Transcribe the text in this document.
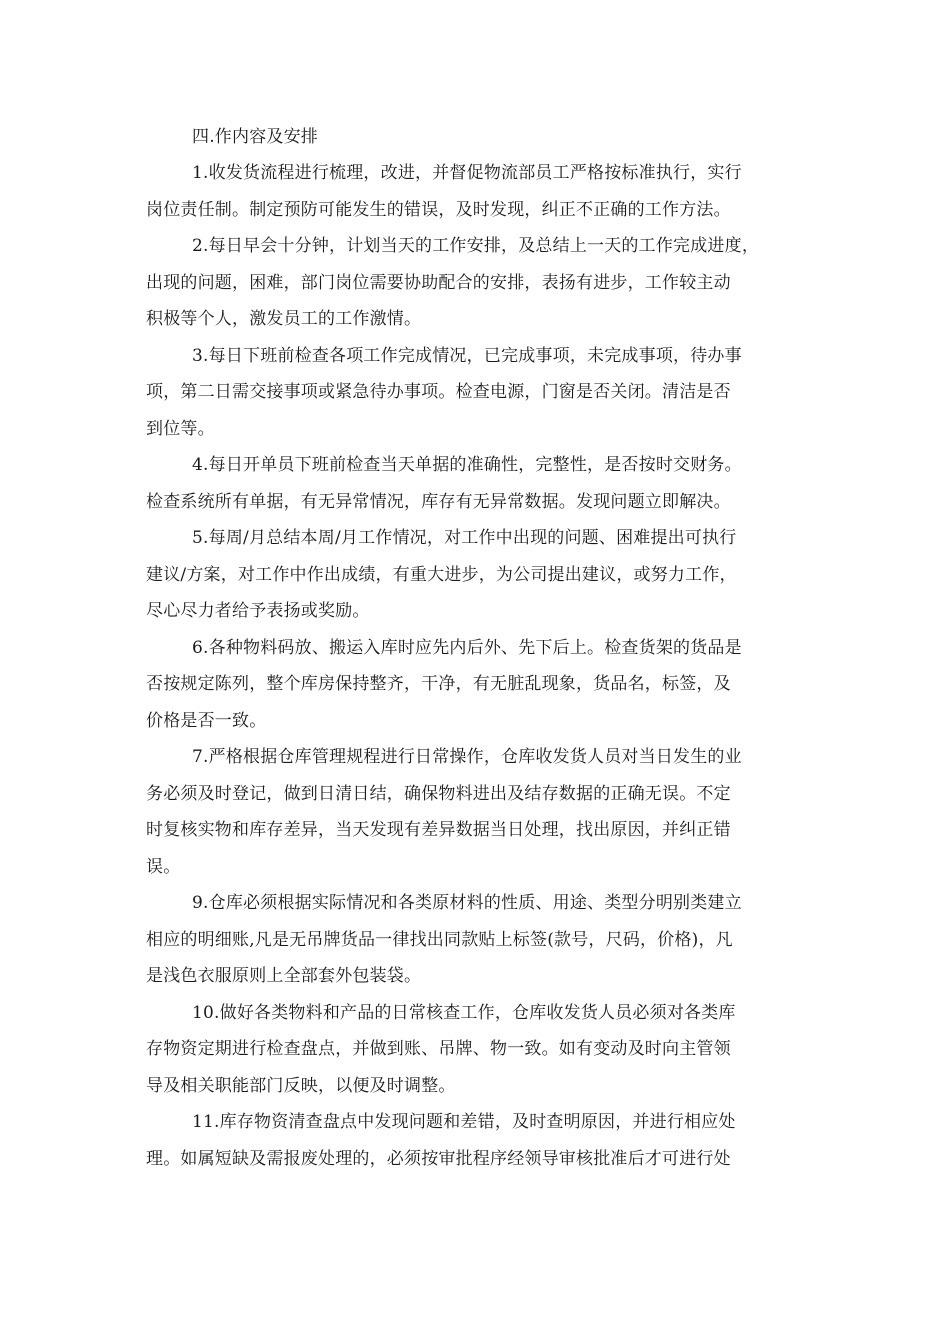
四.作内容及安排
1.收发货流程进行梳理，改进，并督促物流部员工严格按标准执行，实行
岗位责任制。制定预防可能发生的错误，及时发现，纠正不正确的工作方法。
2.每日早会十分钟，计划当天的工作安排，及总结上一天的工作完成进度，
出现的问题，困难，部门岗位需要协助配合的安排，表扬有进步，工作较主动
积极等个人，激发员工的工作激情。
3.每日下班前检查各项工作完成情况，已完成事项，未完成事项，待办事
项，第二日需交接事项或紧急待办事项。检查电源，门窗是否关闭。清洁是否
到位等。
4.每日开单员下班前检查当天单据的准确性，完整性，是否按时交财务。
检查系统所有单据，有无异常情况，库存有无异常数据。发现问题立即解决。
5.每周/月总结本周/月工作情况，对工作中出现的问题、困难提出可执行
建议/方案，对工作中作出成绩，有重大进步，为公司提出建议，或努力工作，
尽心尽力者给予表扬或奖励。
6.各种物料码放、搬运入库时应先内后外、先下后上。检查货架的货品是
否按规定陈列，整个库房保持整齐，干净，有无脏乱现象，货品名，标签，及
价格是否一致。
7.严格根据仓库管理规程进行日常操作，仓库收发货人员对当日发生的业
务必须及时登记，做到日清日结，确保物料进出及结存数据的正确无误。不定
时复核实物和库存差异，当天发现有差异数据当日处理，找出原因，并纠正错
误。
9.仓库必须根据实际情况和各类原材料的性质、用途、类型分明别类建立
相应的明细账,凡是无吊牌货品一律找出同款贴上标签(款号，尺码，价格)，凡
是浅色衣服原则上全部套外包装袋。
10.做好各类物料和产品的日常核查工作，仓库收发货人员必须对各类库
存物资定期进行检查盘点，并做到账、吊牌、物一致。如有变动及时向主管领
导及相关职能部门反映，以便及时调整。
11.库存物资清查盘点中发现问题和差错，及时查明原因，并进行相应处
理。如属短缺及需报废处理的，必须按审批程序经领导审核批准后才可进行处
